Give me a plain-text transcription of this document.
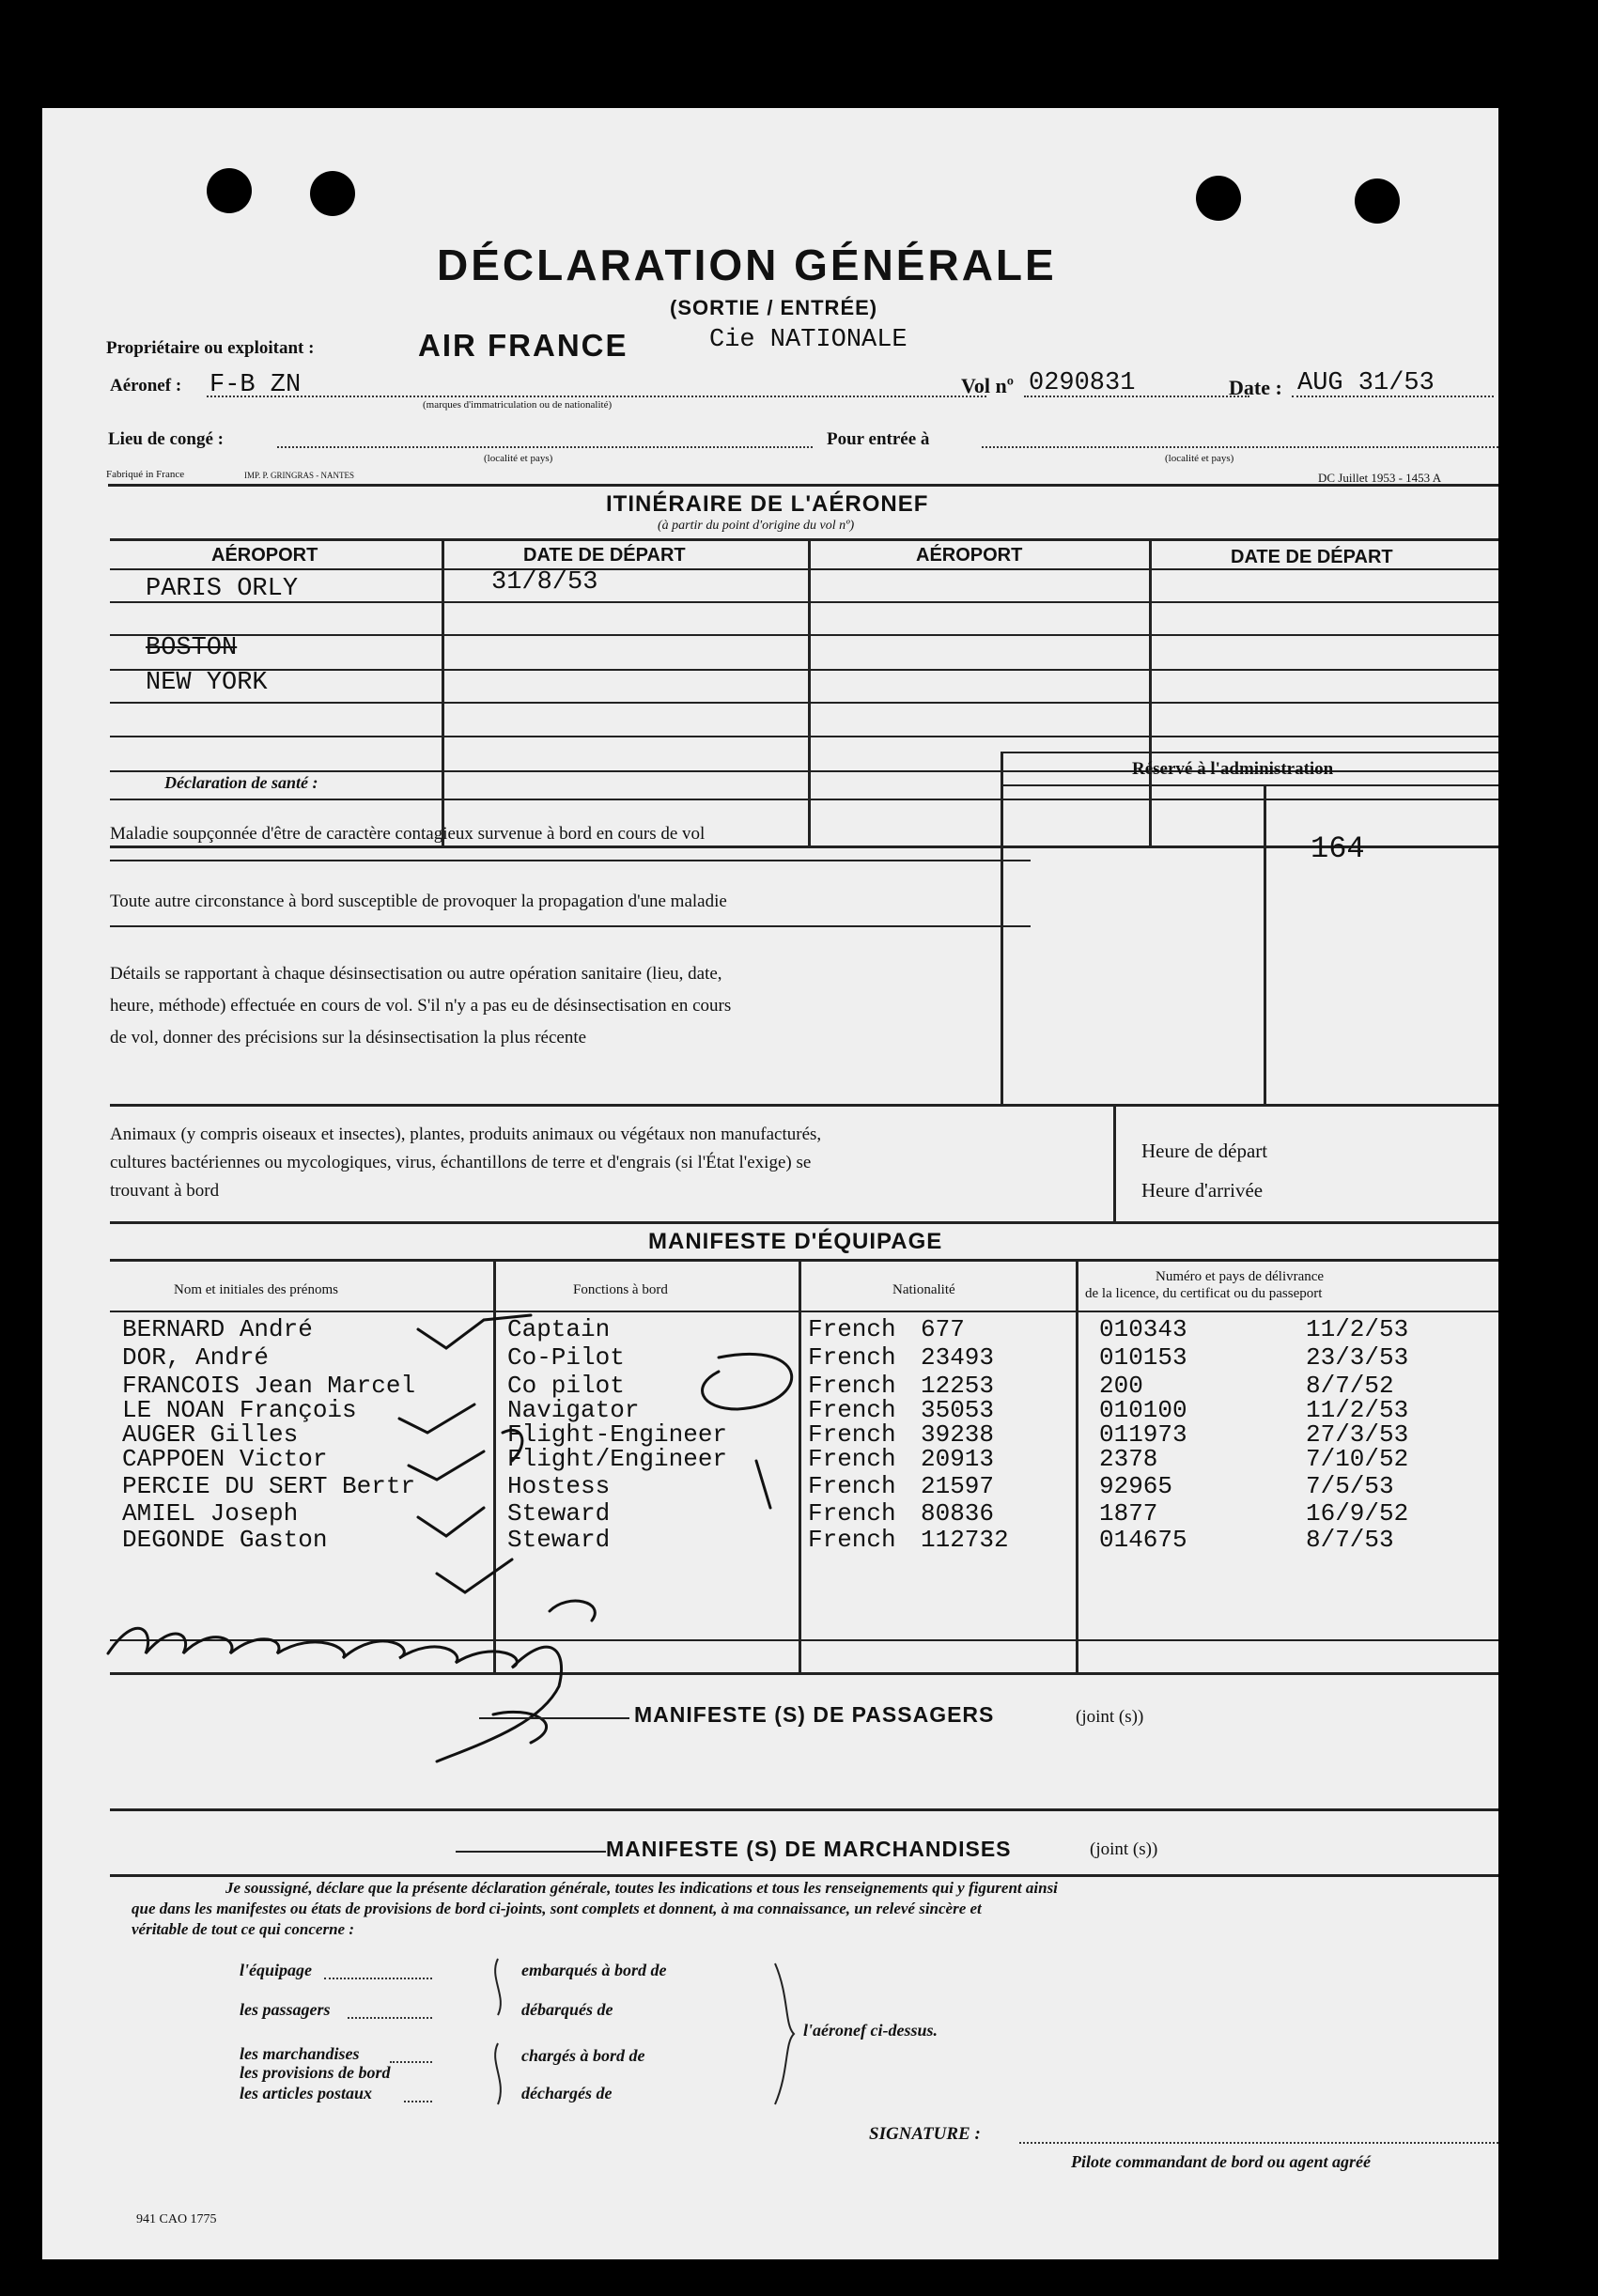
DÉCLARATION GÉNÉRALE
(SORTIE / ENTRÉE)
Propriétaire ou exploitant :	AIR FRANCE	Cie NATIONALE
Aéronef : F-B ZN
(marques d'immatriculation ou de nationalité)
Vol nº 0290831	Date : AUG 31/53
Lieu de congé :
(localité et pays)
Pour entrée à
(localité et pays)
Fabriqué in France	IMP. P. GRINGRAS - NANTES	DC Juillet 1953 - 1453 A
ITINÉRAIRE DE L'AÉRONEF
(à partir du point d'origine du vol nº)
AÉROPORT	DATE DE DÉPART	AÉROPORT	DATE DE DÉPART
PARIS ORLY	31/8/53
BOSTON
NEW YORK
Déclaration de santé :
Maladie soupçonnée d'être de caractère contagieux survenue à bord en cours de vol
Toute autre circonstance à bord susceptible de provoquer la propagation d'une maladie
Détails se rapportant à chaque désinsectisation ou autre opération sanitaire (lieu, date,
heure, méthode) effectuée en cours de vol. S'il n'y a pas eu de désinsectisation en cours
de vol, donner des précisions sur la désinsectisation la plus récente
Réservé à l'administration
164
Animaux (y compris oiseaux et insectes), plantes, produits animaux ou végétaux non manufacturés,
cultures bactériennes ou mycologiques, virus, échantillons de terre et d'engrais (si l'État l'exige) se
trouvant à bord
Heure de départ
Heure d'arrivée
MANIFESTE D'ÉQUIPAGE
Nom et initiales des prénoms	Fonctions à bord	Nationalité
Numéro et pays de délivrance
de la licence, du certificat ou du passeport
BERNARD André	Captain	French 677	010343	11/2/53
DOR, André	Co-Pilot	French 23493	010153	23/3/53
FRANCOIS Jean Marcel	Co pilot	French 12253	200	8/7/52
LE NOAN François	Navigator	French 35053	010100	11/2/53
AUGER Gilles	Flight-Engineer	French 39238	011973	27/3/53
CAPPOEN Victor	Flight/Engineer	French 20913	2378	7/10/52
PERCIE DU SERT Bertr	Hostess	French 21597	92965	7/5/53
AMIEL Joseph	Steward	French 80836	1877	16/9/52
DEGONDE Gaston	Steward	French 112732	014675	8/7/53
MANIFESTE (S) DE PASSAGERS	(joint (s))
MANIFESTE (S) DE MARCHANDISES	(joint (s))
Je soussigné, déclare que la présente déclaration générale, toutes les indications et tous les renseignements qui y figurent ainsi
que dans les manifestes ou états de provisions de bord ci-joints, sont complets et donnent, à ma connaissance, un relevé sincère et
véritable de tout ce qui concerne :
l'équipage
les passagers
les marchandises
les provisions de bord
les articles postaux
embarqués à bord de
débarqués de
chargés à bord de
déchargés de
l'aéronef ci-dessus.
SIGNATURE :
Pilote commandant de bord ou agent agréé
941 CAO 1775
